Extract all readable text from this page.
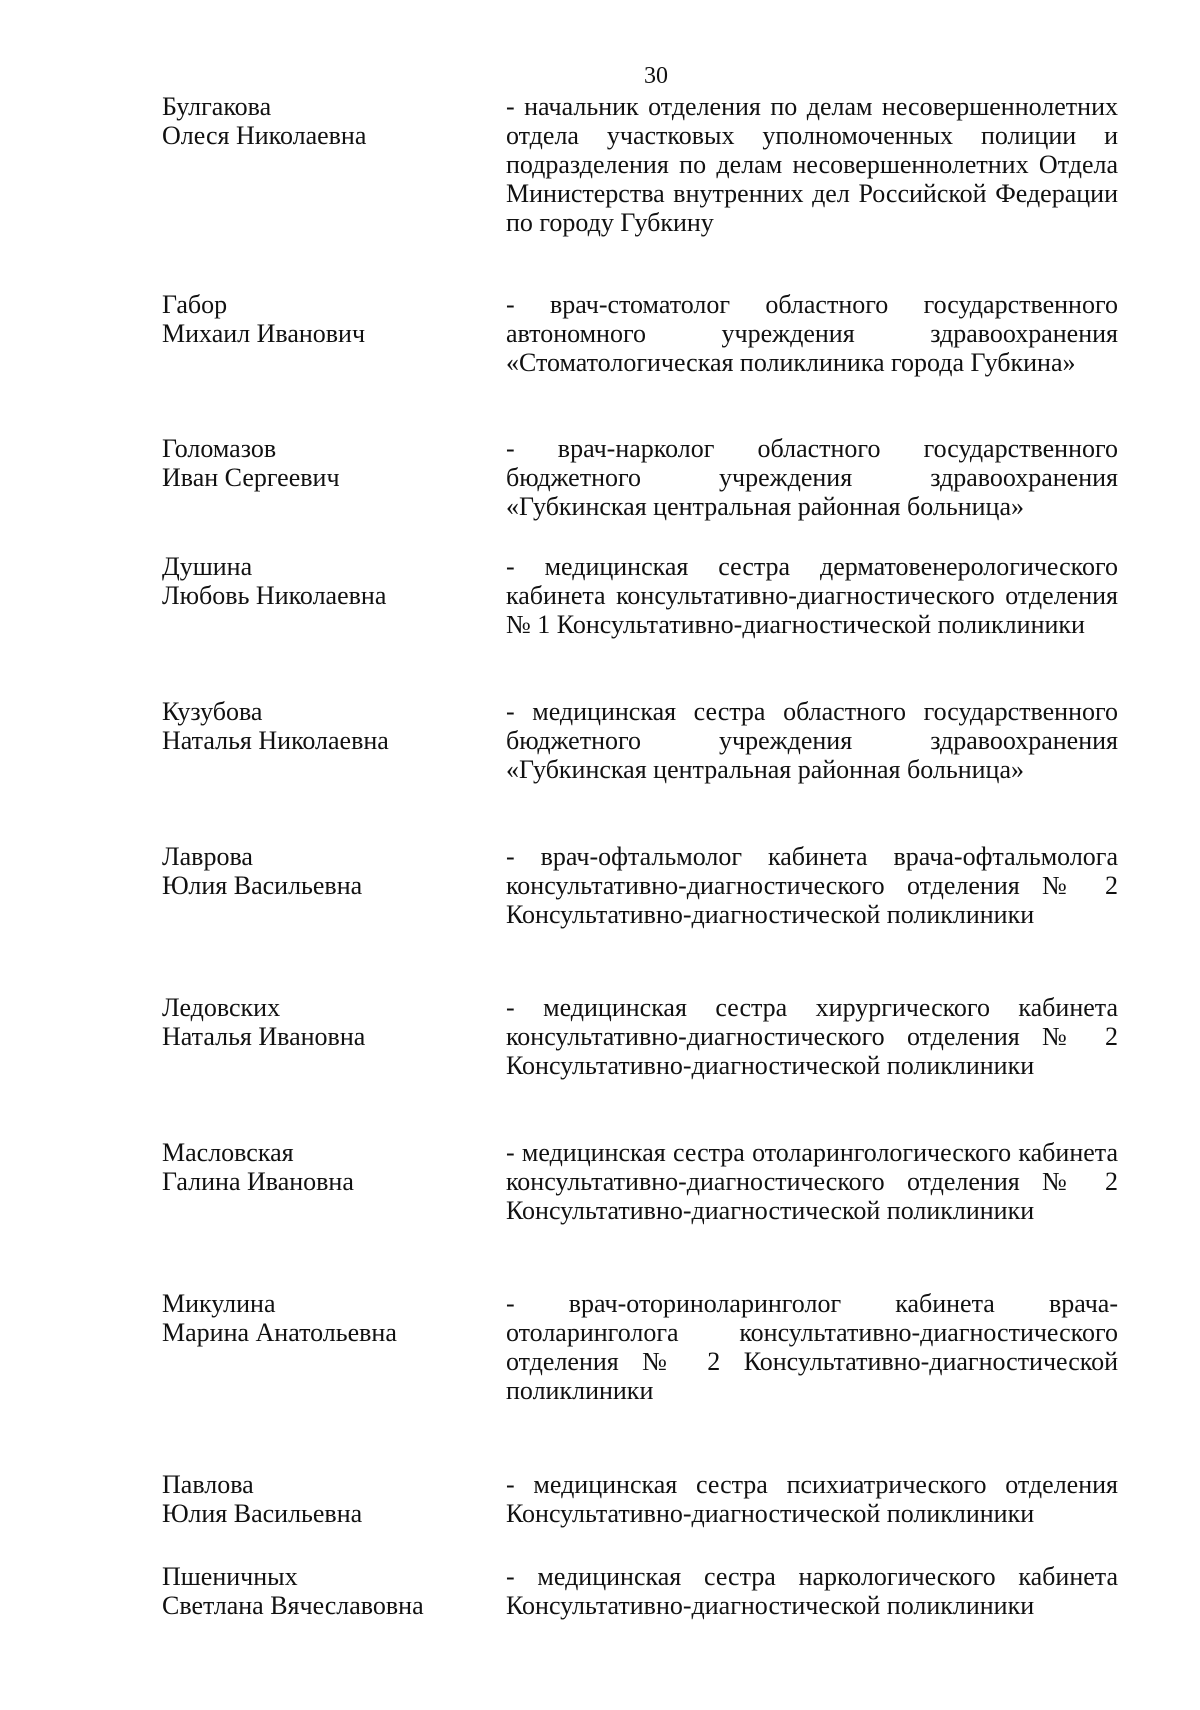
30
Булгакова
Олеся Николаевна
- начальник отделения по делам несовершеннолетних отдела участковых уполномоченных полиции и подразделения по делам несовершеннолетних Отдела Министерства внутренних дел Российской Федерации по городу Губкину
Габор
Михаил Иванович
- врач-стоматолог областного государственного автономного учреждения здравоохранения «Стоматологическая поликлиника города Губкина»
Голомазов
Иван Сергеевич
- врач-нарколог областного государственного бюджетного учреждения здравоохранения «Губкинская центральная районная больница»
Душина
Любовь Николаевна
- медицинская сестра дерматовенерологического кабинета консультативно-диагностического отделения № 1 Консультативно-диагностической поликлиники
Кузубова
Наталья Николаевна
- медицинская сестра областного государственного бюджетного учреждения здравоохранения «Губкинская центральная районная больница»
Лаврова
Юлия Васильевна
- врач-офтальмолог кабинета врача-офтальмолога консультативно-диагностического отделения № 2 Консультативно-диагностической поликлиники
Ледовских
Наталья Ивановна
- медицинская сестра хирургического кабинета консультативно-диагностического отделения № 2 Консультативно-диагностической поликлиники
Масловская
Галина Ивановна
- медицинская сестра отоларингологического кабинета консультативно-диагностического отделения № 2 Консультативно-диагностической поликлиники
Микулина
Марина Анатольевна
- врач-оториноларинголог кабинета врача-отоларинголога консультативно-диагностического отделения № 2 Консультативно-диагностической поликлиники
Павлова
Юлия Васильевна
- медицинская сестра психиатрического отделения Консультативно-диагностической поликлиники
Пшеничных
Светлана Вячеславовна
- медицинская сестра наркологического кабинета Консультативно-диагностической поликлиники
